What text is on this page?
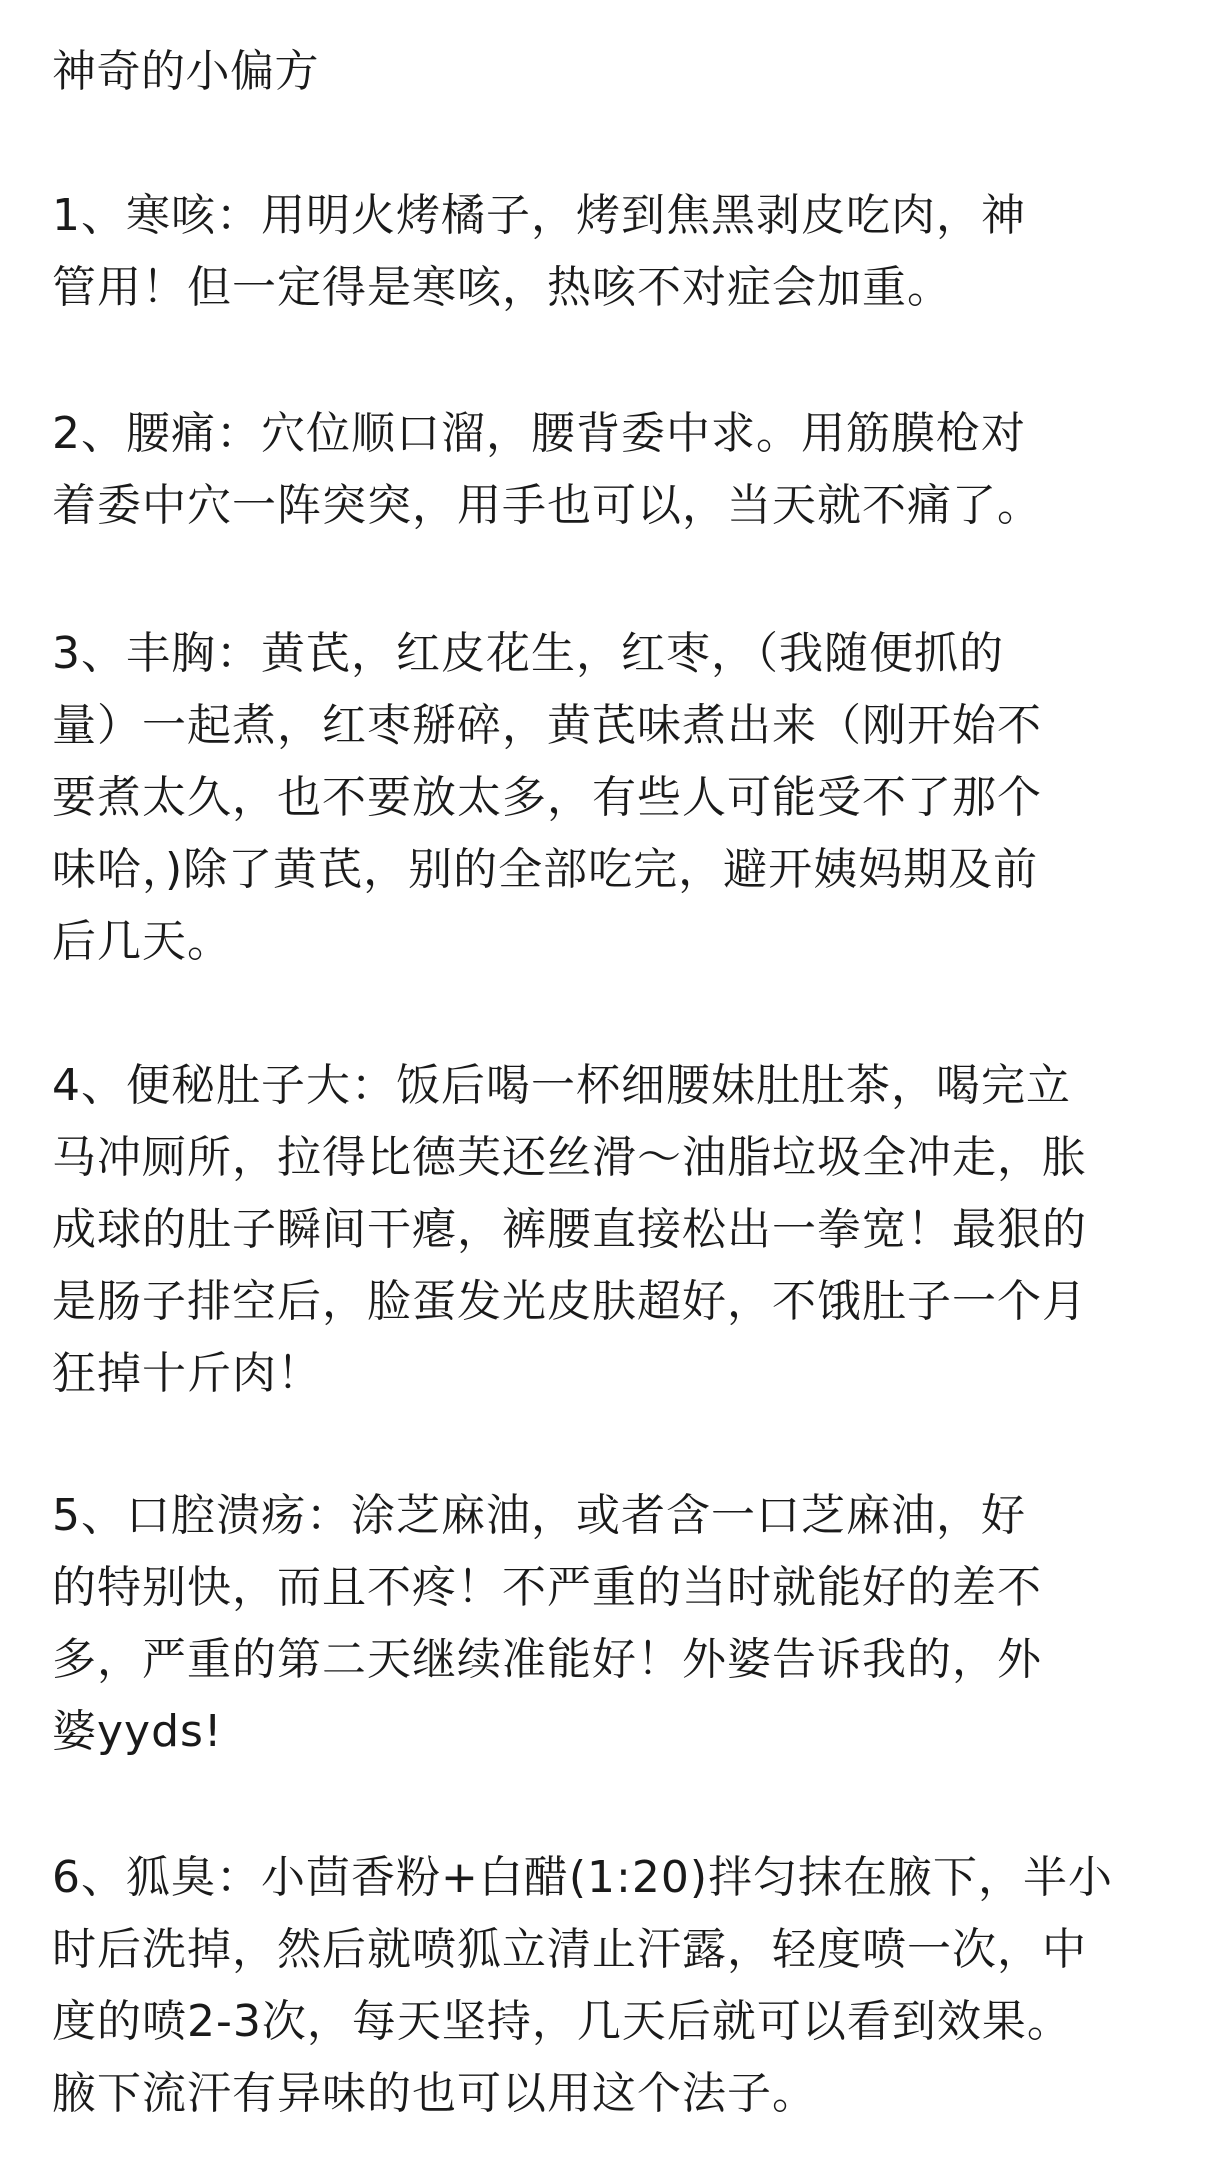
神奇的小偏方
1、寒咳：用明火烤橘子，烤到焦黑剥皮吃肉，神
管用！但一定得是寒咳，热咳不对症会加重。
2、腰痛：穴位顺口溜，腰背委中求。用筋膜枪对
着委中穴一阵突突，用手也可以，当天就不痛了。
3、丰胸：黄芪，红皮花生，红枣，（我随便抓的
量）一起煮，红枣掰碎，黄芪味煮出来（刚开始不
要煮太久，也不要放太多，有些人可能受不了那个
味哈，)除了黄芪，别的全部吃完，避开姨妈期及前
后几天。
4、便秘肚子大：饭后喝一杯细腰妹肚肚茶，喝完立
马冲厕所，拉得比德芙还丝滑～油脂垃圾全冲走，胀
成球的肚子瞬间干瘪，裤腰直接松出一拳宽！最狠的
是肠子排空后，脸蛋发光皮肤超好，不饿肚子一个月
狂掉十斤肉！
5、口腔溃疡：涂芝麻油，或者含一口芝麻油，好
的特别快，而且不疼！不严重的当时就能好的差不
多，严重的第二天继续准能好！外婆告诉我的，外
婆yyds!
6、狐臭：小茴香粉+白醋(1:20)拌匀抹在腋下，半小
时后洗掉，然后就喷狐立清止汗露，轻度喷一次，中
度的喷2-3次，每天坚持，几天后就可以看到效果。
腋下流汗有异味的也可以用这个法子。
